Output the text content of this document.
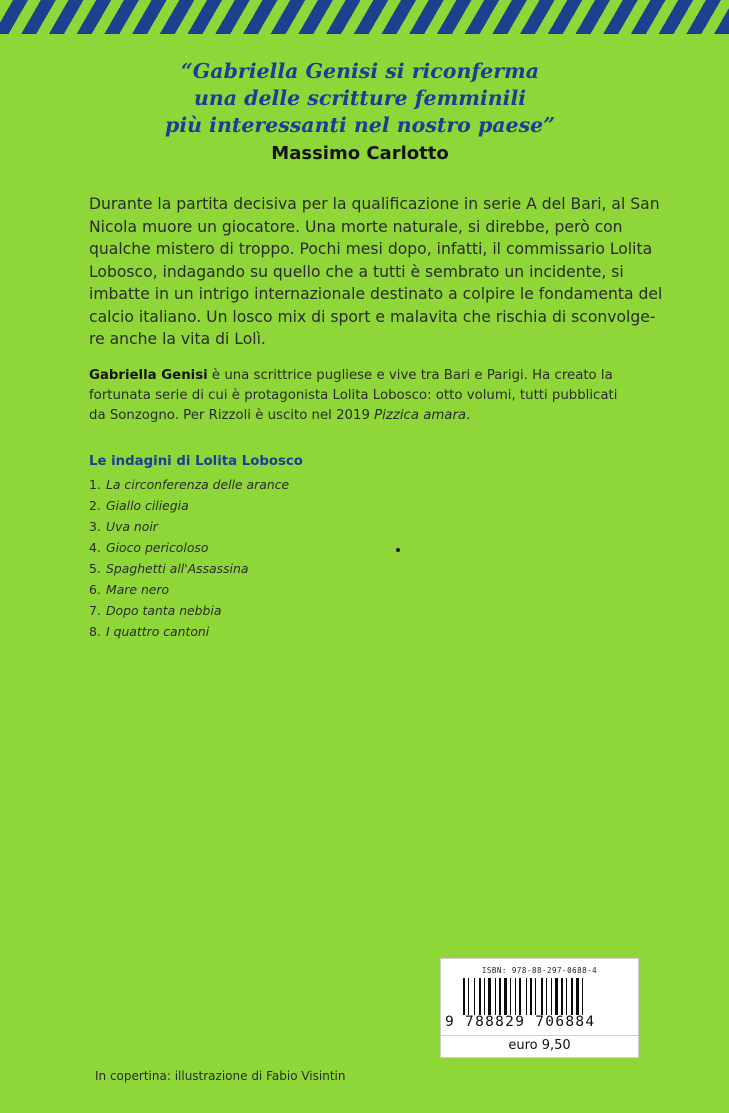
“Gabriella Genisi si riconferma
una delle scritture femminili
più interessanti nel nostro paese”
Massimo Carlotto
Durante la partita decisiva per la qualificazione in serie A del Bari, al San
Nicola muore un giocatore. Una morte naturale, si direbbe, però con
qualche mistero di troppo. Pochi mesi dopo, infatti, il commissario Lolita
Lobosco, indagando su quello che a tutti è sembrato un incidente, si
imbatte in un intrigo internazionale destinato a colpire le fondamenta del
calcio italiano. Un losco mix di sport e malavita che rischia di sconvolge-
re anche la vita di Lolì.
Gabriella Genisi è una scrittrice pugliese e vive tra Bari e Parigi. Ha creato la
fortunata serie di cui è protagonista Lolita Lobosco: otto volumi, tutti pubblicati
da Sonzogno. Per Rizzoli è uscito nel 2019 Pizzica amara.
Le indagini di Lolita Lobosco
1. La circonferenza delle arance
2. Giallo ciliegia
3. Uva noir
4. Gioco pericoloso
5. Spaghetti all'Assassina
6. Mare nero
7. Dopo tanta nebbia
8. I quattro cantoni
ISBN: 978-88-297-0688-4
9 788829 706884
euro 9,50
In copertina: illustrazione di Fabio Visintin
